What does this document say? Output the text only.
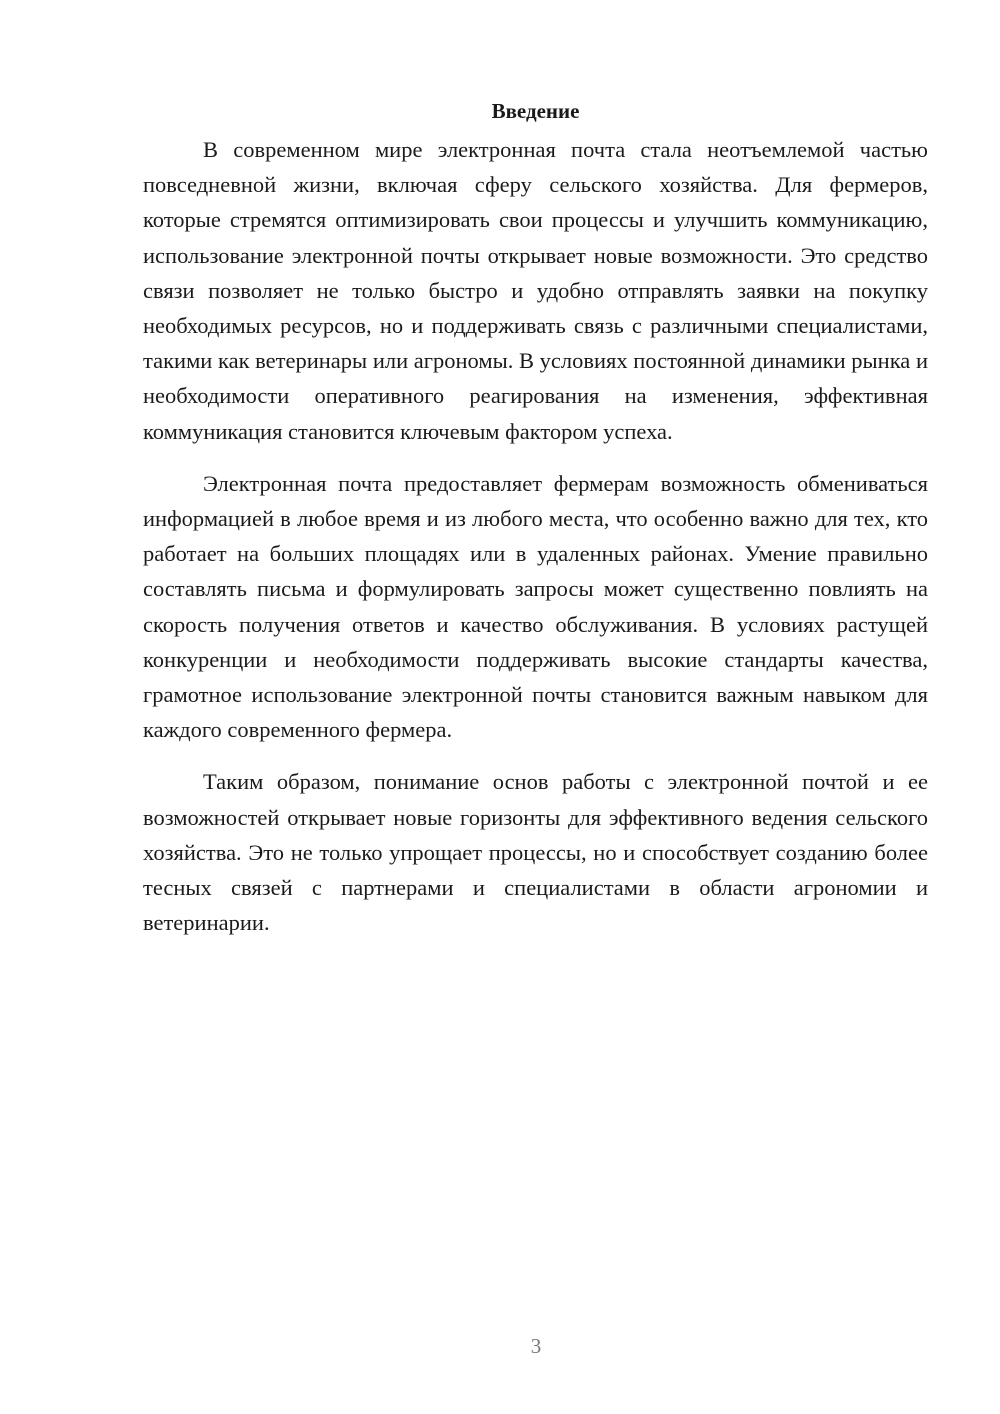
Введение

В современном мире электронная почта стала неотъемлемой частью повседневной жизни, включая сферу сельского хозяйства. Для фермеров, которые стремятся оптимизировать свои процессы и улучшить коммуникацию, использование электронной почты открывает новые возможности. Это средство связи позволяет не только быстро и удобно отправлять заявки на покупку необходимых ресурсов, но и поддерживать связь с различными специалистами, такими как ветеринары или агрономы. В условиях постоянной динамики рынка и необходимости оперативного реагирования на изменения, эффективная коммуникация становится ключевым фактором успеха.

Электронная почта предоставляет фермерам возможность обмениваться информацией в любое время и из любого места, что особенно важно для тех, кто работает на больших площадях или в удаленных районах. Умение правильно составлять письма и формулировать запросы может существенно повлиять на скорость получения ответов и качество обслуживания. В условиях растущей конкуренции и необходимости поддерживать высокие стандарты качества, грамотное использование электронной почты становится важным навыком для каждого современного фермера.

Таким образом, понимание основ работы с электронной почтой и ее возможностей открывает новые горизонты для эффективного ведения сельского хозяйства. Это не только упрощает процессы, но и способствует созданию более тесных связей с партнерами и специалистами в области агрономии и ветеринарии.

3
